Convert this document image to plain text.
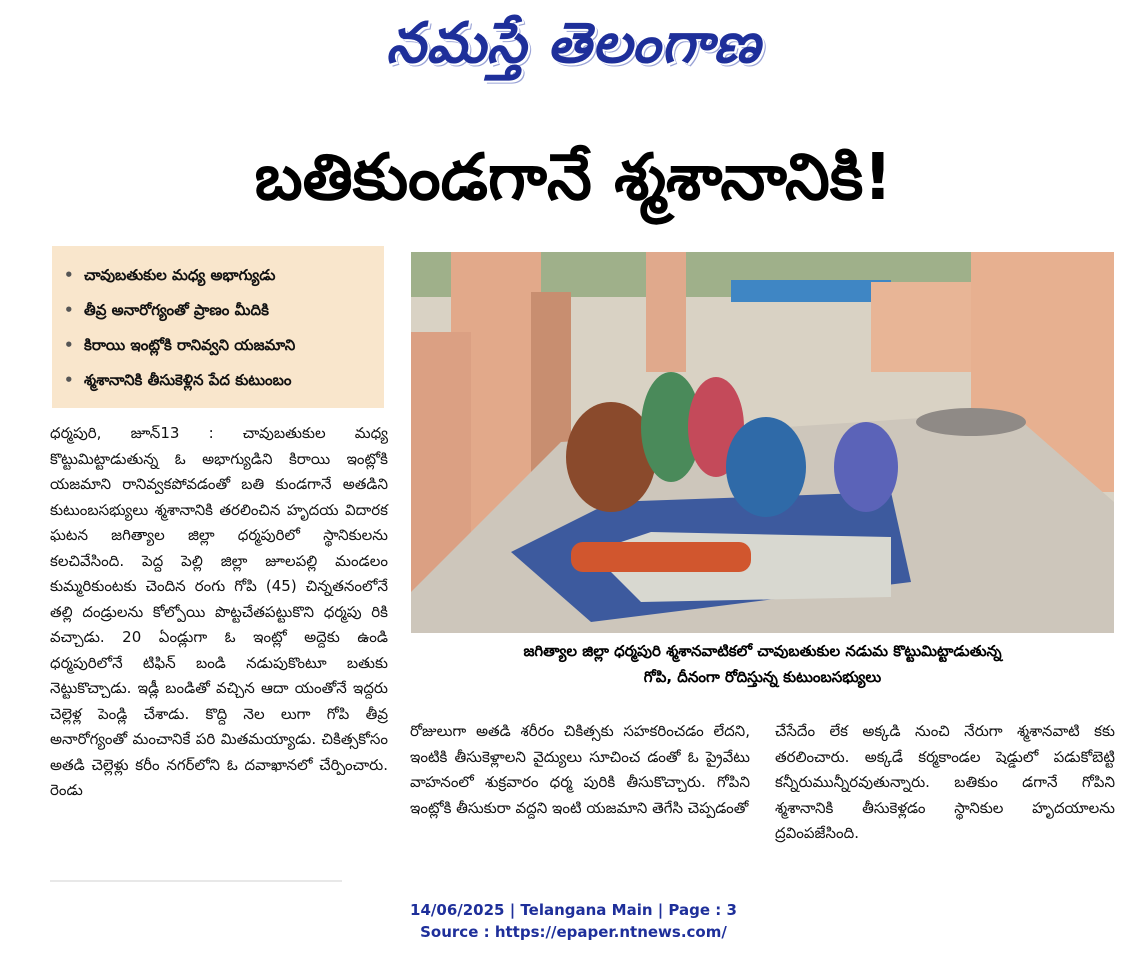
నమస్తే తెలంగాణ
బతికుండగానే శ్మశానానికి!
• చావుబతుకుల మధ్య అభాగ్యుడు
• తీవ్ర అనారోగ్యంతో ప్రాణం మీదికి
• కిరాయి ఇంట్లోకి రానివ్వని యజమాని
• శ్మశానానికి తీసుకెళ్లిన పేద కుటుంబం

ధర్మపురి, జూన్13 : చావుబతుకుల మధ్య కొట్టుమిట్టాడుతున్న ఓ అభాగ్యుడిని కిరాయి ఇంట్లోకి యజమాని రానివ్వకపోవడంతో బతి కుండగానే అతడిని కుటుంబసభ్యులు శ్మశానానికి తరలించిన హృదయ విదారక ఘటన జగిత్యాల జిల్లా ధర్మపురిలో స్థానికులను కలచివేసింది. పెద్ద పెల్లి జిల్లా జూలపల్లి మండలం కుమ్మరికుంటకు చెందిన రంగు గోపి (45) చిన్నతనంలోనే తల్లి దండ్రులను కోల్పోయి పొట్టచేతపట్టుకొని ధర్మపు రికి వచ్చాడు. 20 ఏండ్లుగా ఓ ఇంట్లో అద్దెకు ఉండి ధర్మపురిలోనే టిఫిన్ బండి నడుపుకొంటూ బతుకు నెట్టుకొచ్చాడు. ఇడ్లీ బండితో వచ్చిన ఆదా యంతోనే ఇద్దరు చెల్లెళ్ల పెండ్లి చేశాడు. కొద్ది నెల లుగా గోపి తీవ్ర అనారోగ్యంతో మంచానికే పరి మితమయ్యాడు. చికిత్సకోసం అతడి చెల్లెళ్లు కరీం నగర్‌లోని ఓ దవాఖానలో చేర్పించారు. రెండు

జగిత్యాల జిల్లా ధర్మపురి శ్మశానవాటికలో చావుబతుకుల నడుమ కొట్టుమిట్టాడుతున్న
గోపి, దీనంగా రోదిస్తున్న కుటుంబసభ్యులు

రోజులుగా అతడి శరీరం చికిత్సకు సహకరించడం లేదని, ఇంటికి తీసుకెళ్లాలని వైద్యులు సూచించ డంతో ఓ ప్రైవేటు వాహనంలో శుక్రవారం ధర్మ పురికి తీసుకొచ్చారు. గోపిని ఇంట్లోకి తీసుకురా వద్దని ఇంటి యజమాని తెగేసి చెప్పడంతో

చేసేదేం లేక అక్కడి నుంచి నేరుగా శ్మశానవాటి కకు తరలించారు. అక్కడే కర్మకాండల షెడ్డులో పడుకోబెట్టి కన్నీరుమున్నీరవుతున్నారు. బతికుం డగానే గోపిని శ్మశానానికి తీసుకెళ్లడం స్థానికుల హృదయాలను ద్రవింపజేసింది.

14/06/2025 | Telangana Main | Page : 3
Source : https://epaper.ntnews.com/
